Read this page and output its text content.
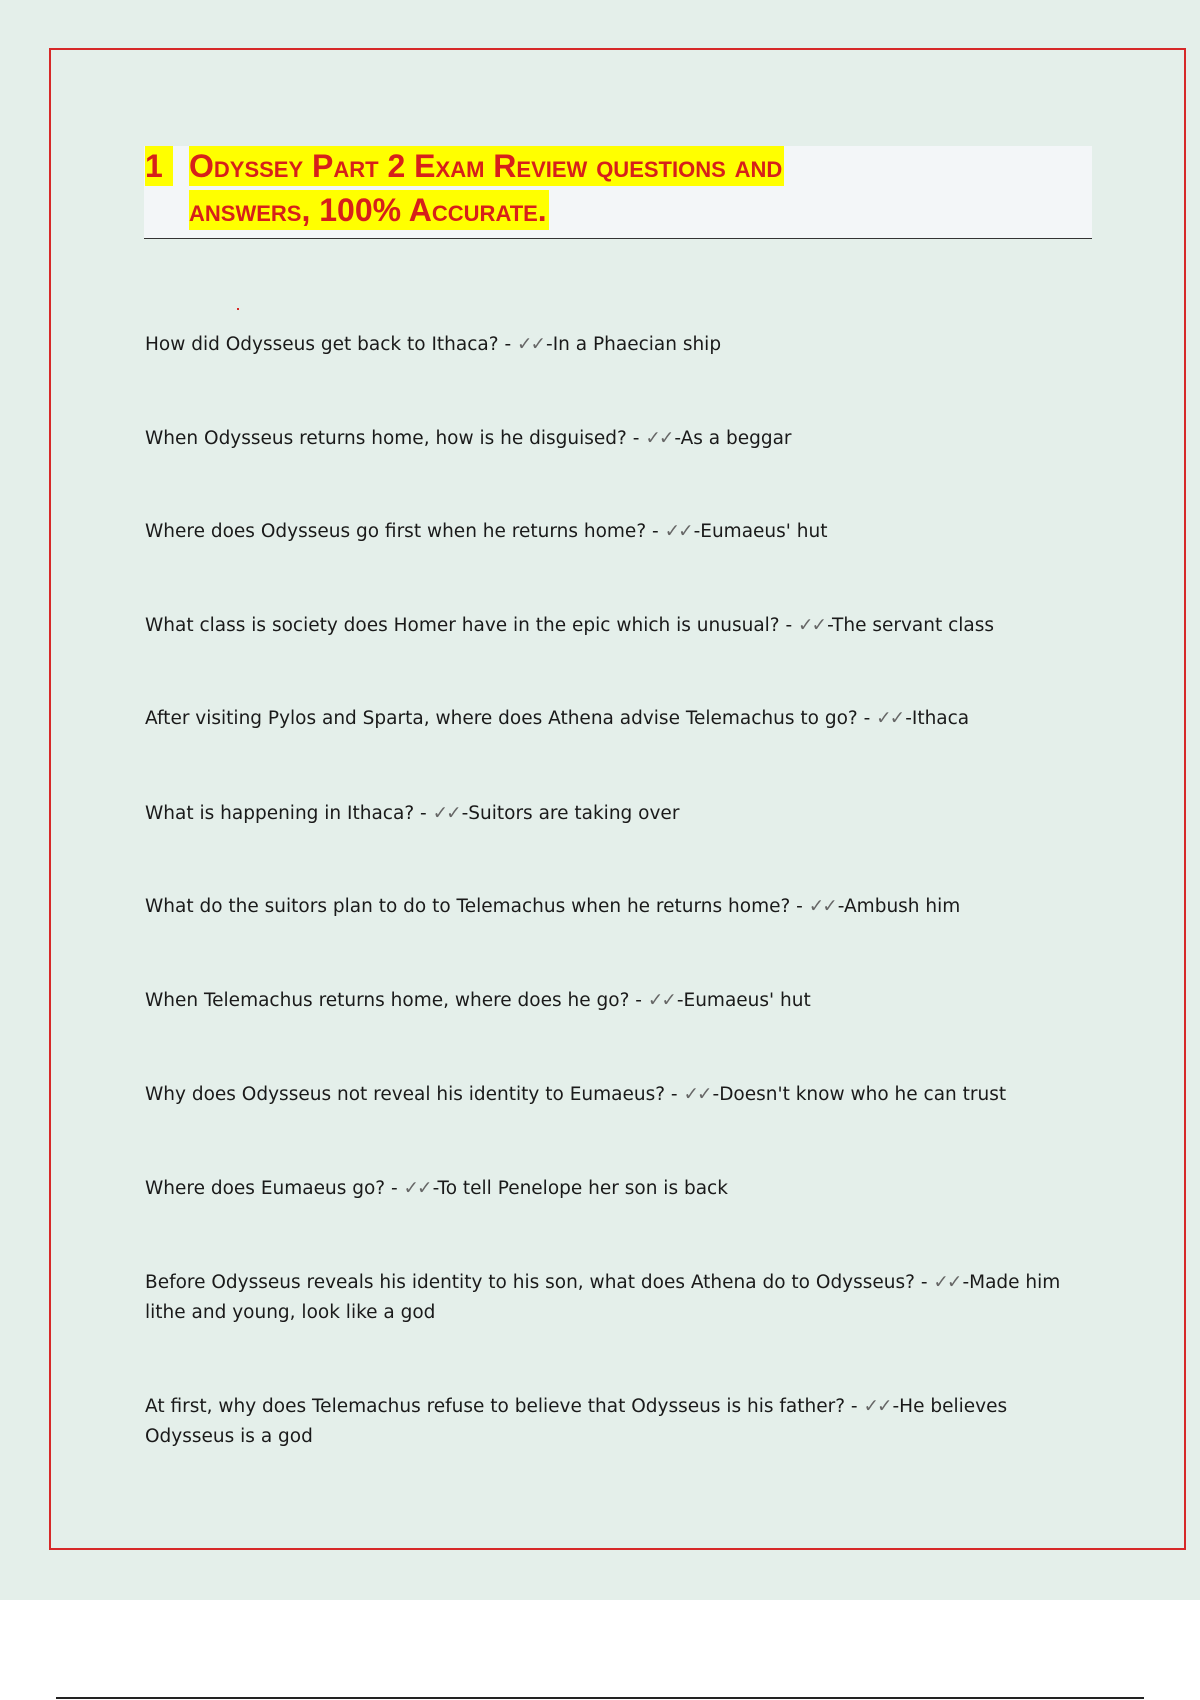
1 Odyssey Part 2 Exam Review questions and
answers, 100% Accurate.
How did Odysseus get back to Ithaca? - ✓✓ -In a Phaecian ship
When Odysseus returns home, how is he disguised? - ✓✓ -As a beggar
Where does Odysseus go first when he returns home? - ✓✓ -Eumaeus' hut
What class is society does Homer have in the epic which is unusual? - ✓✓ -The servant class
After visiting Pylos and Sparta, where does Athena advise Telemachus to go? - ✓✓ -Ithaca
What is happening in Ithaca? - ✓✓ -Suitors are taking over
What do the suitors plan to do to Telemachus when he returns home? - ✓✓ -Ambush him
When Telemachus returns home, where does he go? - ✓✓ -Eumaeus' hut
Why does Odysseus not reveal his identity to Eumaeus? - ✓✓ -Doesn't know who he can trust
Where does Eumaeus go? - ✓✓ -To tell Penelope her son is back
Before Odysseus reveals his identity to his son, what does Athena do to Odysseus? - ✓✓ -Made him lithe and young, look like a god
At first, why does Telemachus refuse to believe that Odysseus is his father? - ✓✓ -He believes Odysseus is a god
